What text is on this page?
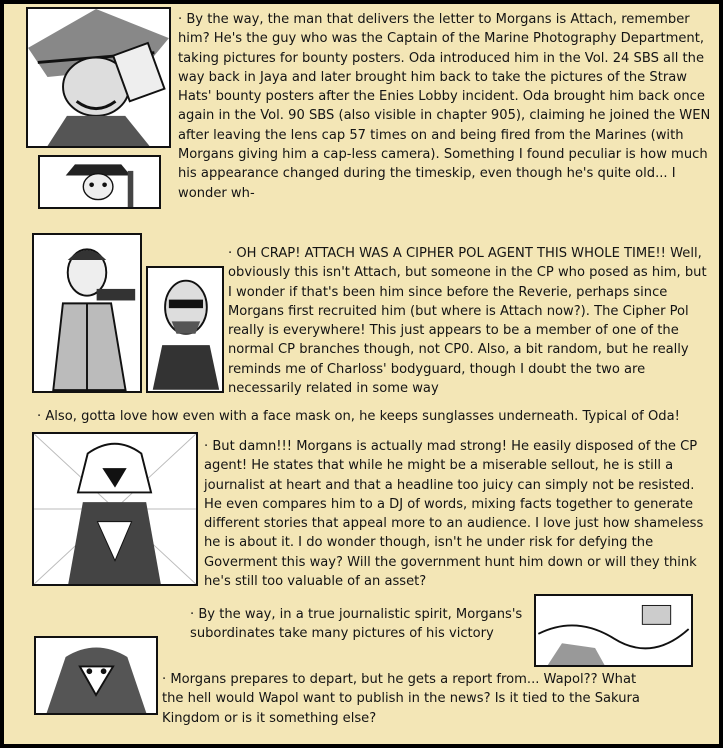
· By the way, the man that delivers the letter to Morgans is Attach, remember him? He's the guy who was the Captain of the Marine Photography Department, taking pictures for bounty posters. Oda introduced him in the Vol. 24 SBS all the way back in Jaya and later brought him back to take the pictures of the Straw Hats' bounty posters after the Enies Lobby incident. Oda brought him back once again in the Vol. 90 SBS (also visible in chapter 905), claiming he joined the WEN after leaving the lens cap 57 times on and being fired from the Marines (with Morgans giving him a cap-less camera). Something I found peculiar is how much his appearance changed during the timeskip, even though he's quite old... I wonder wh-
· OH CRAP! ATTACH WAS A CIPHER POL AGENT THIS WHOLE TIME!! Well, obviously this isn't Attach, but someone in the CP who posed as him, but I wonder if that's been him since before the Reverie, perhaps since Morgans first recruited him (but where is Attach now?). The Cipher Pol really is everywhere! This just appears to be a member of one of the normal CP branches though, not CP0. Also, a bit random, but he really reminds me of Charloss' bodyguard, though I doubt the two are necessarily related in some way
· Also, gotta love how even with a face mask on, he keeps sunglasses underneath. Typical of Oda!
· But damn!!! Morgans is actually mad strong! He easily disposed of the CP agent! He states that while he might be a miserable sellout, he is still a journalist at heart and that a headline too juicy can simply not be resisted. He even compares him to a DJ of words, mixing facts together to generate different stories that appeal more to an audience. I love just how shameless he is about it. I do wonder though, isn't he under risk for defying the Goverment this way? Will the government hunt him down or will they think he's still too valuable of an asset?
· By the way, in a true journalistic spirit, Morgans's subordinates take many pictures of his victory
· Morgans prepares to depart, but he gets a report from... Wapol?? What the hell would Wapol want to publish in the news? Is it tied to the Sakura Kingdom or is it something else?
